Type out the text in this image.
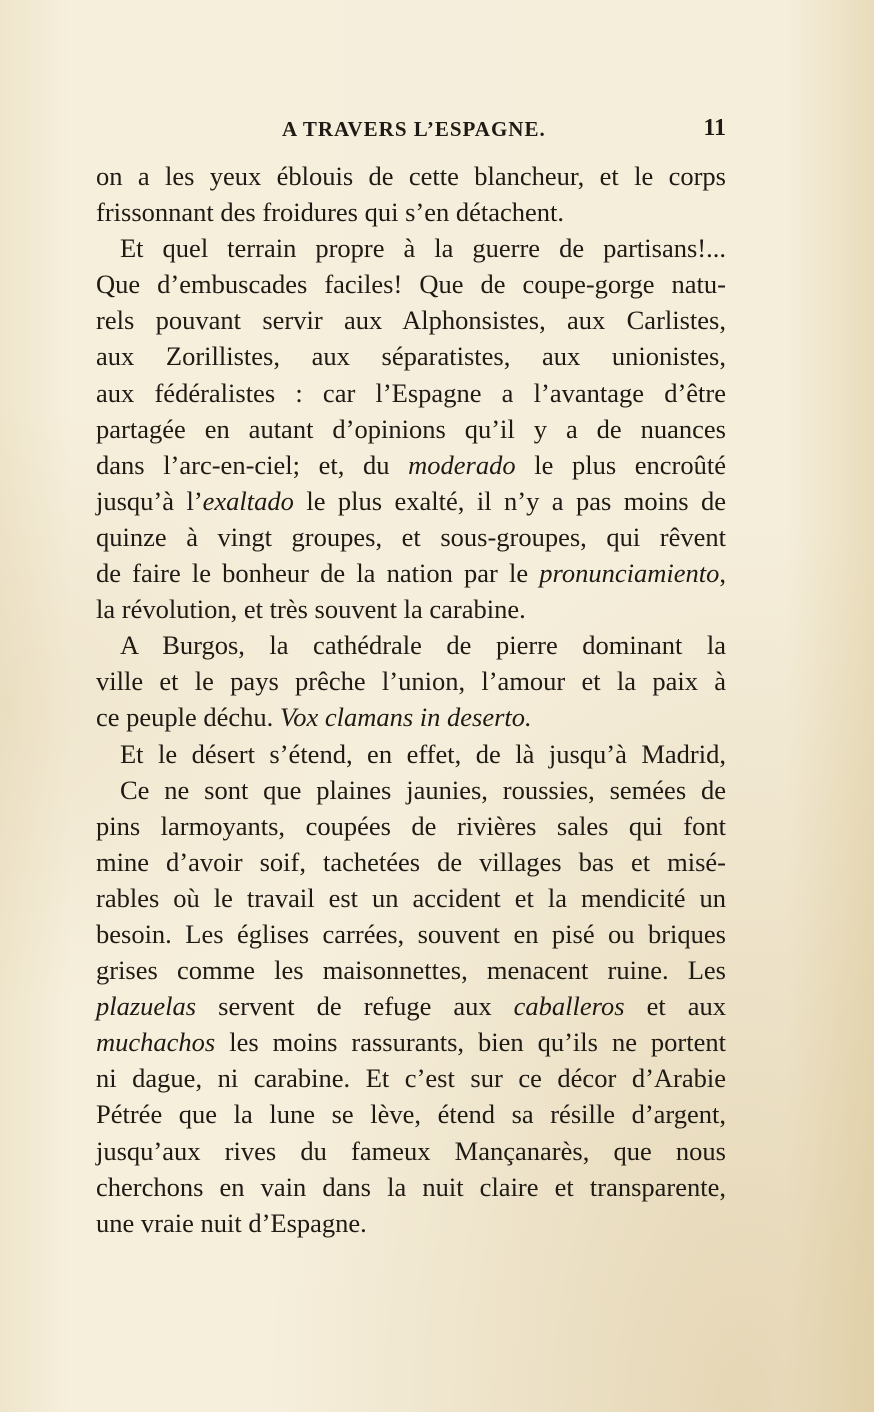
A TRAVERS L’ESPAGNE.	11
on a les yeux éblouis de cette blancheur, et le corps
frissonnant des froidures qui s’en détachent.
Et quel terrain propre à la guerre de partisans!...
Que d’embuscades faciles! Que de coupe-gorge natu-
rels pouvant servir aux Alphonsistes, aux Carlistes,
aux Zorillistes, aux séparatistes, aux unionistes,
aux fédéralistes : car l’Espagne a l’avantage d’être
partagée en autant d’opinions qu’il y a de nuances
dans l’arc-en-ciel; et, du moderado le plus encroûté
jusqu’à l’exaltado le plus exalté, il n’y a pas moins de
quinze à vingt groupes, et sous-groupes, qui rêvent
de faire le bonheur de la nation par le pronunciamiento,
la révolution, et très souvent la carabine.
A Burgos, la cathédrale de pierre dominant la
ville et le pays prêche l’union, l’amour et la paix à
ce peuple déchu. Vox clamans in deserto.
Et le désert s’étend, en effet, de là jusqu’à Madrid,
Ce ne sont que plaines jaunies, roussies, semées de
pins larmoyants, coupées de rivières sales qui font
mine d’avoir soif, tachetées de villages bas et misé-
rables où le travail est un accident et la mendicité un
besoin. Les églises carrées, souvent en pisé ou briques
grises comme les maisonnettes, menacent ruine. Les
plazuelas servent de refuge aux caballeros et aux
muchachos les moins rassurants, bien qu’ils ne portent
ni dague, ni carabine. Et c’est sur ce décor d’Arabie
Pétrée que la lune se lève, étend sa résille d’argent,
jusqu’aux rives du fameux Mançanarès, que nous
cherchons en vain dans la nuit claire et transparente,
une vraie nuit d’Espagne.
